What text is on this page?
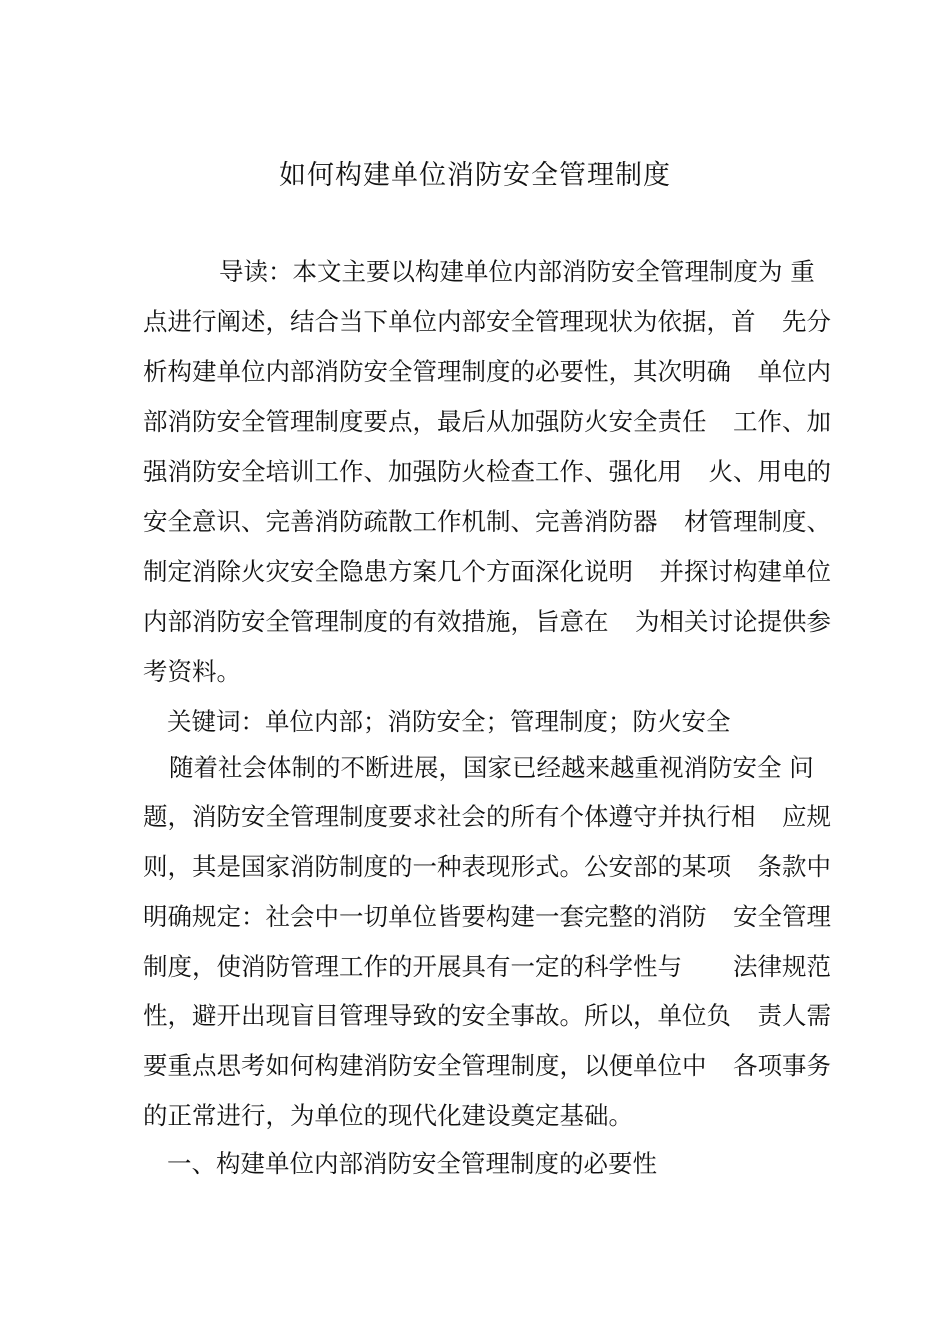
如何构建单位消防安全管理制度
导读：本文主要以构建单位内部消防安全管理制度为 重
点进行阐述，结合当下单位内部安全管理现状为依据，首 先分
析构建单位内部消防安全管理制度的必要性，其次明确 单位内
部消防安全管理制度要点，最后从加强防火安全责任 工作、加
强消防安全培训工作、加强防火检查工作、强化用 火、用电的
安全意识、完善消防疏散工作机制、完善消防器 材管理制度、
制定消除火灾安全隐患方案几个方面深化说明 并探讨构建单位
内部消防安全管理制度的有效措施，旨意在 为相关讨论提供参
考资料。
关键词：单位内部；消防安全；管理制度；防火安全
随着社会体制的不断进展，国家已经越来越重视消防安全 问
题，消防安全管理制度要求社会的所有个体遵守并执行相 应规
则，其是国家消防制度的一种表现形式。公安部的某项 条款中
明确规定：社会中一切单位皆要构建一套完整的消防 安全管理
制度，使消防管理工作的开展具有一定的科学性与 法律规范
性，避开出现盲目管理导致的安全事故。所以，单位负 责人需
要重点思考如何构建消防安全管理制度，以便单位中 各项事务
的正常进行，为单位的现代化建设奠定基础。
一、构建单位内部消防安全管理制度的必要性
